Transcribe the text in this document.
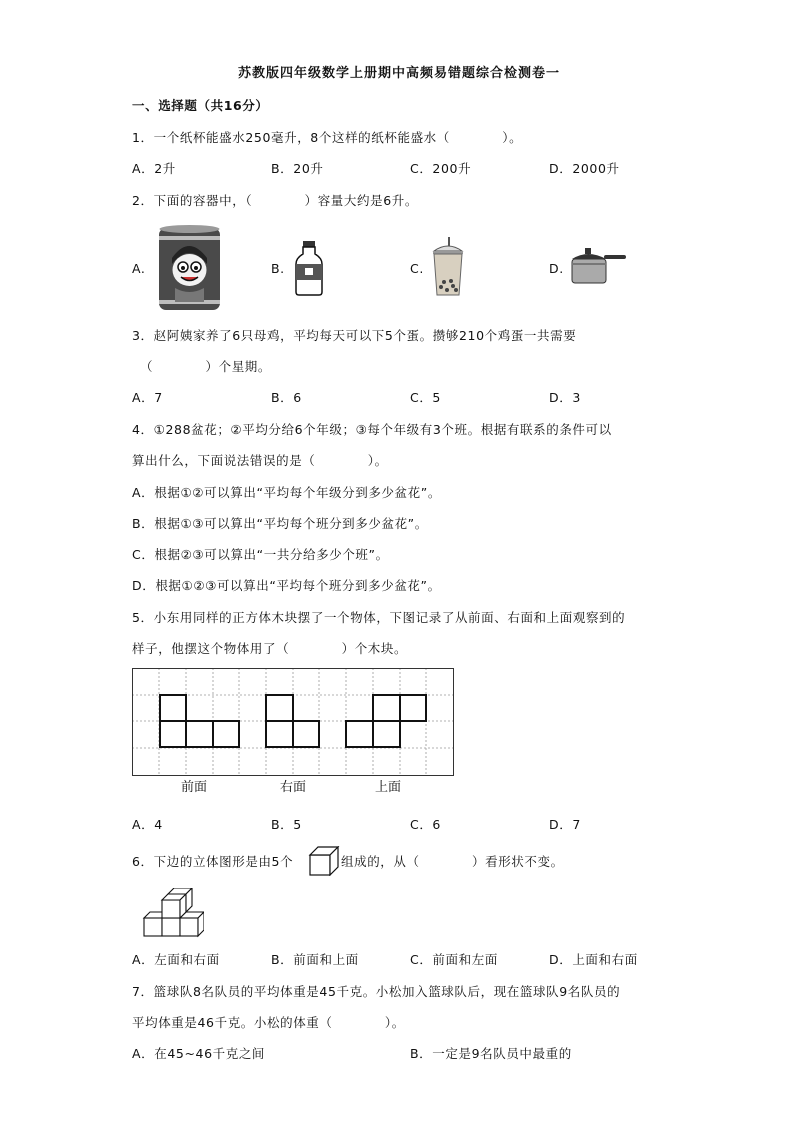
苏教版四年级数学上册期中高频易错题综合检测卷一
一、选择题（共16分）
1．一个纸杯能盛水250毫升，8个这样的纸杯能盛水（　　　　）。
A．2升	B．20升	C．200升	D．2000升
2．下面的容器中，（　　　　）容量大约是6升。
A.	B.	C.	D.
3．赵阿姨家养了6只母鸡，平均每天可以下5个蛋。攒够210个鸡蛋一共需要
（　　　　）个星期。
A．7	B．6	C．5	D．3
4．①288盆花；②平均分给6个年级；③每个年级有3个班。根据有联系的条件可以
算出什么，下面说法错误的是（　　　　）。
A．根据①②可以算出“平均每个年级分到多少盆花”。
B．根据①③可以算出“平均每个班分到多少盆花”。
C．根据②③可以算出“一共分给多少个班”。
D．根据①②③可以算出“平均每个班分到多少盆花”。
5．小东用同样的正方体木块摆了一个物体，下图记录了从前面、右面和上面观察到的
样子，他摆这个物体用了（　　　　）个木块。
前面	右面	上面
A．4	B．5	C．6	D．7
6．下边的立体图形是由5个	组成的，从（　　　　）看形状不变。
A．左面和右面	B．前面和上面	C．前面和左面	D．上面和右面
7．篮球队8名队员的平均体重是45千克。小松加入篮球队后，现在篮球队9名队员的
平均体重是46千克。小松的体重（　　　　）。
A．在45~46千克之间	B．一定是9名队员中最重的
